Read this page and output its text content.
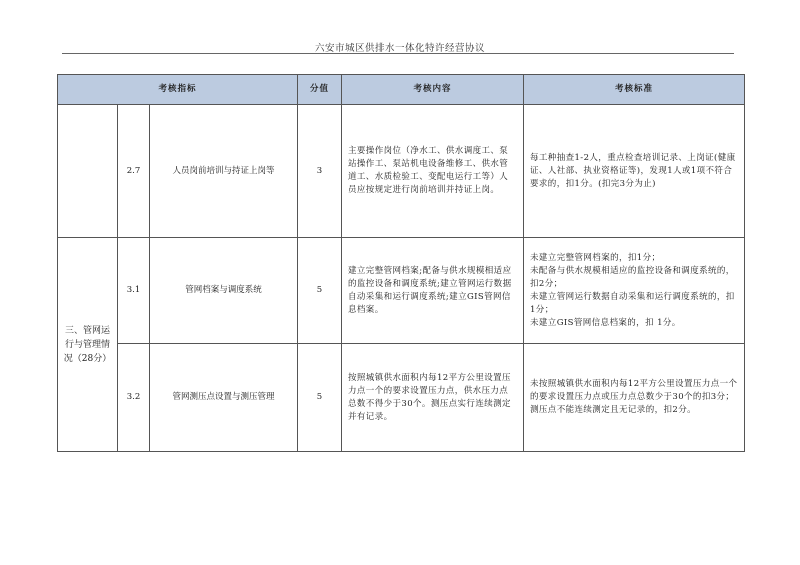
六安市城区供排水一体化特许经营协议
考核指标			分值	考核内容	考核标准
	2.7	人员岗前培训与持证上岗等	3	主要操作岗位（净水工、供水调度工、泵站操作工、泵站机电设备维修工、供水管道工、水质检验工、变配电运行工等）人员应按规定进行岗前培训并持证上岗。	每工种抽查1-2人，重点检查培训记录、上岗证(健康证、人社部、执业资格证等)，发现1人或1项不符合要求的，扣1分。(扣完3分为止)
三、管网运行与管理情况（28分）	3.1	管网档案与调度系统	5	建立完整管网档案;配备与供水规模相适应的监控设备和调度系统;建立管网运行数据自动采集和运行调度系统;建立GIS管网信息档案。	未建立完整管网档案的，扣1分；
未配备与供水规模相适应的监控设备和调度系统的，扣2分；
未建立管网运行数据自动采集和运行调度系统的，扣1分；
未建立GIS管网信息档案的，扣 1分。
	3.2	管网测压点设置与测压管理	5	按照城镇供水面积内每12平方公里设置压力点一个的要求设置压力点，供水压力点总数不得少于30个。测压点实行连续测定并有记录。	未按照城镇供水面积内每12平方公里设置压力点一个的要求设置压力点或压力点总数少于30个的扣3分；
测压点不能连续测定且无记录的，扣2分。
